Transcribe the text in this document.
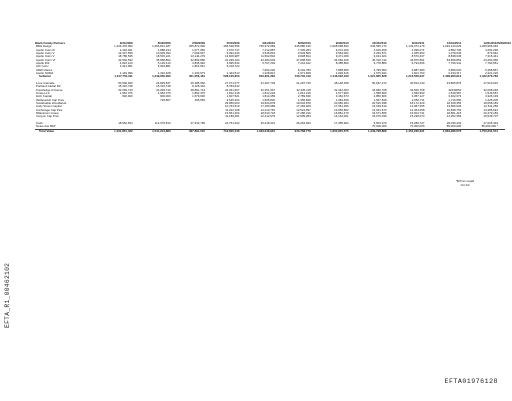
Black Family Partners	3/31/2008	6/30/2008	2/28/2009	5/31/2009	3/31/2010	6/30/2010	9/30/2010	12/31/2010	3/31/2011	12/31/2011	12/31/2012	6/30/2013
BRH Hedge	1,233,478,093	1,266,801,187	255,872,992	466,548,596	736,972,983	645,886,196	1,068,698,693	646,535,174	1,143,074,179	1,024,143,629	1,269,996,049	
Apollo Cotrv III	2,102,461	1,888,234	1,077,066	1,576,747	7,212,887	7,305,263	6,072,206	3,616,459	4,090,071	4,852,706	4,294,299	
Apollo Cotrv V	12,347,559	10,935,390	7,099,937	9,094,434	4,546,819	3,949,569	3,564,062	3,233,671	1,065,353	1,079,645	873,942	
Apollo Cotrv V	18,786,525	18,515,221	13,144,279	13,606,987	11,502,840	9,828,814	9,471,009	9,014,324	8,570,437	8,838,045	7,315,441	
Apollo Cotrv VI	32,546,533	35,958,862	32,893,882	31,299,104	43,484,603	47,808,530	34,650,326	40,316,742	43,870,591	53,659,854	43,250,350	
Apollo DIF	4,810,120	5,125,410	3,845,940	3,695,634	5,767,202	7,244,422	8,385,860	9,778,880	6,794,666	7,790,341	7,790,561	
AIC Cotrv	2,321,951	6,094,881	1,861,661	5,218,722								
ARW shares					7,694,220	8,102,780	7,858,956	4,799,993	3,887,380	4,866,620	5,358,867	
Apollo SOMA	1,149,096	1,332,408	1,233,973	1,443,513	1,228,812	1,671,828	1,926,616	1,676,944	1,601,763	2,234,317	2,221,226	
Subtotal	1,317,750,311	1,349,650,990	321,056,461	528,126,653	816,361,384	733,740,419	1,146,002,169	1,021,825,628	1,213,506,037	1,408,960,812	1,422,270,783	

Lone Cascade	50,000,000	24,829,847	26,285,052	27,071,077	41,297,749	41,297,749	48,148,258	50,667,272	30,812,140	43,865,875	47,510,622	
Portland Global R2	15,316,748	15,316,748	8,128,416	8,783,642								
Knowledge Universe	32,093,743	32,093,743	28,861,713	32,031,667	32,251,667	32,435,118	32,442,003	32,840,708	32,840,708	32440052	32,608,248	
iCrete LLC	1,952,376	1,952,376	1,852,376	1,812,218	1,812,218	1,812,218	1,577,960	1,558,693	1,556,993	1,549,587	1,549,557	
HAC Capital	600,000	900,000	1,679,636	1,607,521	1,814,459	2,789,636	3,462,673	2,856,606	3,057,127	3,462,673	3,326,193	
Wolfexeddc Cap Pres		718,867	465,559	3,645,304	1,605,820	1,355,829	1,384,459	1,667,818	2,052,711	1,716,650	1,225,205	
Sustainable Woodlands				29,950,000	19,604,878	19,604,878	20,082,284	20,515,398	18,172,329	18,108,355	18,058,183	
Andy Stover Capital				10,764,519	17,183,989	17,183,929	17,351,350	13,019,619	12,957,365	13,556,636	12,511,250	
Anchorage Cap Pics				11,222,108	12,210,781	12,524,597	13,050,802	12,041,573	12,464,058	10,838,753	13,385,644	
Millennium Group				15,561,304	18,643,704	17,286,316	16,881,479	16,671,565	15,604,731	18,861,415	20,479,183	
Canyon Cap Pres				11,189,481	12,412,979	12,909,284	14,164,061	15,070,030	15,238,073	14,352,356	15,549,707	

Cash	18,962,504	112,376,810	47,913,769	24,761,632	46,418,421	46,263,693	17,455,902	6,503,379	15,289,727	28,039,432	27,006,494	
Notes due BFP								70,000,000	70,000,000	85,000,000	85,000,000 *	
Total Value	1,431,851,422	1,541,244,883	397,891,010	719,605,446	1,033,046,961	940,768,779	1,304,815,575	1,249,738,896	1,454,230,331	1,663,286,576	1,750,231,541	
*$27mm repaid
Oct 3rd
EFTA_R1_00462102
EFTA01976128
